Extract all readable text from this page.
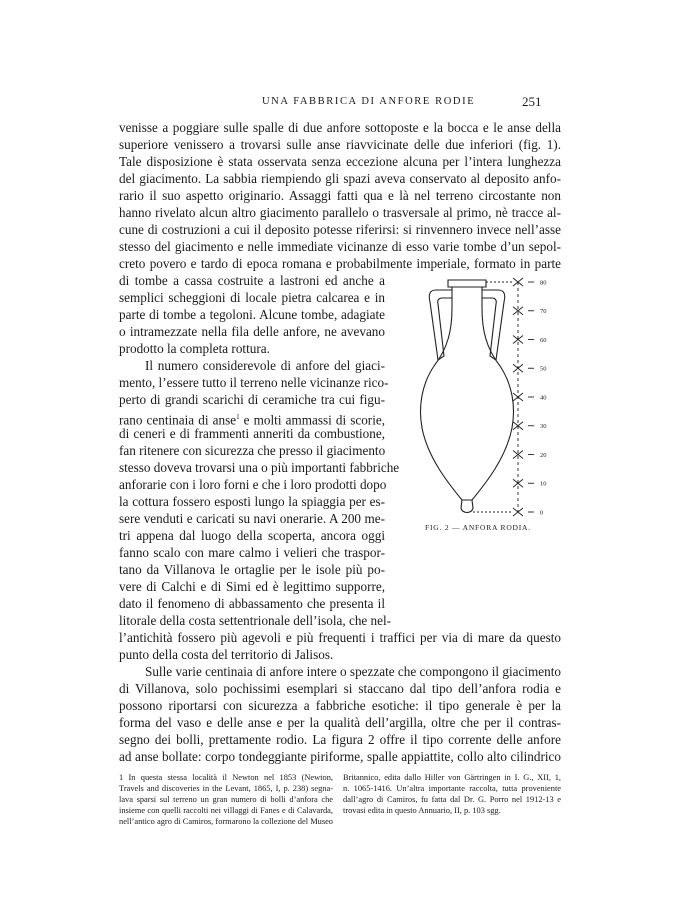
UNA FABBRICA DI ANFORE RODIE	251
venisse a poggiare sulle spalle di due anfore sottoposte e la bocca e le anse della
superiore venissero a trovarsi sulle anse riavvicinate delle due inferiori (fig. 1).
Tale disposizione è stata osservata senza eccezione alcuna per l’intera lunghezza
del giacimento. La sabbia riempiendo gli spazi aveva conservato al deposito anfo-
rario il suo aspetto originario. Assaggi fatti qua e là nel terreno circostante non
hanno rivelato alcun altro giacimento parallelo o trasversale al primo, nè tracce al-
cune di costruzioni a cui il deposito potesse riferirsi: si rinvennero invece nell’asse
stesso del giacimento e nelle immediate vicinanze di esso varie tombe d’un sepol-
creto povero e tardo di epoca romana e probabilmente imperiale, formato in parte
di tombe a cassa costruite a lastroni ed anche a
semplici scheggioni di locale pietra calcarea e in
parte di tombe a tegoloni. Alcune tombe, adagiate
o intramezzate nella fila delle anfore, ne avevano
prodotto la completa rottura.
Il numero considerevole di anfore del giaci-
mento, l’essere tutto il terreno nelle vicinanze rico-
perto di grandi scarichi di ceramiche tra cui figu-
rano centinaia di anse$^1$ e molti ammassi di scorie,
di ceneri e di frammenti anneriti da combustione,
fan ritenere con sicurezza che presso il giacimento
stesso doveva trovarsi una o più importanti fabbriche
anforarie con i loro forni e che i loro prodotti dopo
la cottura fossero esposti lungo la spiaggia per es-
sere venduti e caricati su navi onerarie. A 200 me-
tri appena dal luogo della scoperta, ancora oggi
fanno scalo con mare calmo i velieri che traspor-
tano da Villanova le ortaglie per le isole più po-
vere di Calchi e di Simi ed è legittimo supporre,
dato il fenomeno di abbassamento che presenta il
litorale della costa settentrionale dell’isola, che nel-
l’antichità fossero più agevoli e più frequenti i traffici per via di mare da questo
punto della costa del territorio di Jalisos.
Sulle varie centinaia di anfore intere o spezzate che compongono il giacimento
di Villanova, solo pochissimi esemplari si staccano dal tipo dell’anfora rodia e
possono riportarsi con sicurezza a fabbriche esotiche: il tipo generale è per la
forma del vaso e delle anse e per la qualità dell’argilla, oltre che per il contras-
segno dei bolli, prettamente rodio. La figura 2 offre il tipo corrente delle anfore
ad anse bollate: corpo tondeggiante piriforme, spalle appiattite, collo alto cilindrico
80
70
60
50
40
30
20
10
0
FIG. 2 — ANFORA RODIA.
1 In questa stessa località il Newton nel 1853 (Newton,
Travels and discoveries in the Levant, 1865, I, p. 238) segna-
lava sparsi sul terreno un gran numero di bolli d’anfora che
insieme con quelli raccolti nei villaggi di Fanes e di Calavarda,
nell’antico agro di Camiros, formarono la collezione del Museo
Britannico, edita dallo Hiller von Gärtringen in I. G., XII, 1,
n. 1065-1416. Un’altra importante raccolta, tutta proveniente
dall’agro di Camiros, fu fatta dal Dr. G. Porro nel 1912-13 e
trovasi edita in questo Annuario, II, p. 103 sgg.
